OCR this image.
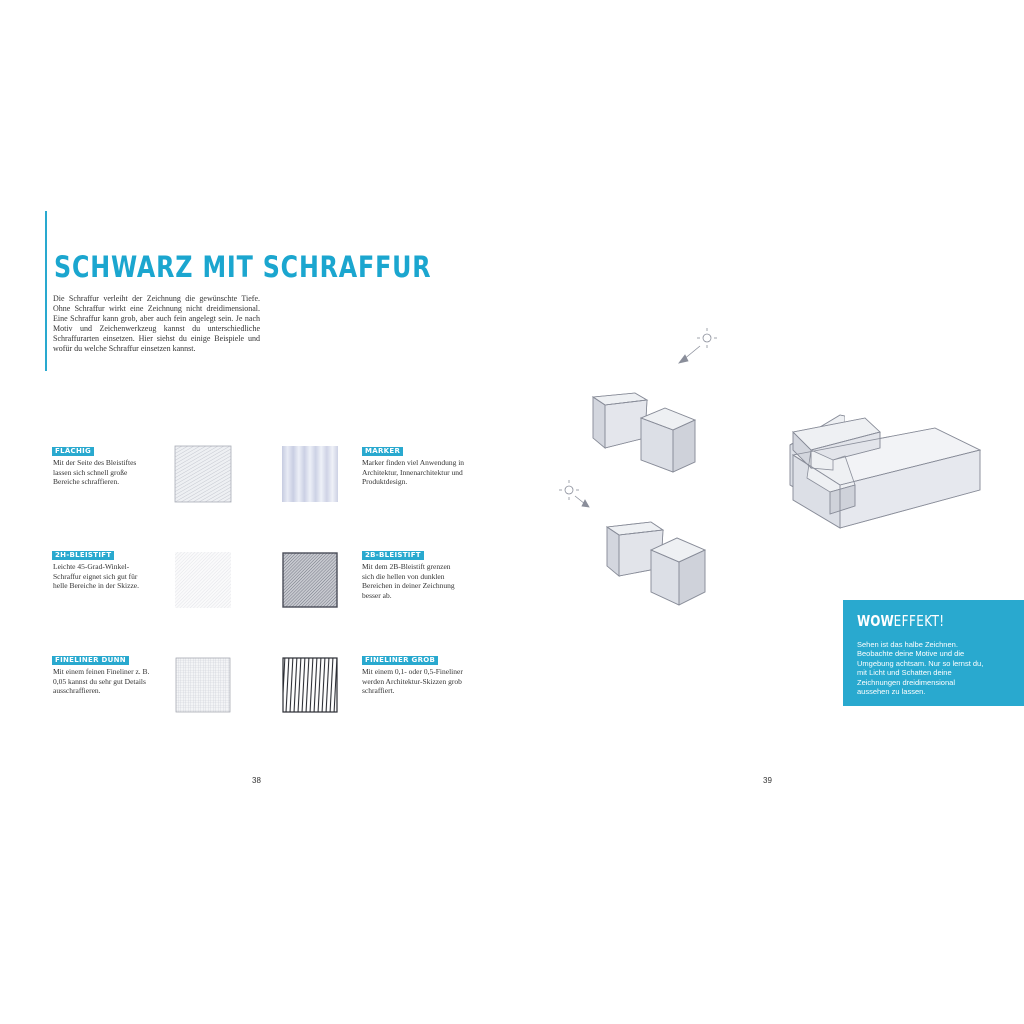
SCHWARZ MIT SCHRAFFUR

Die Schraffur verleiht der Zeichnung die gewünschte Tiefe. Ohne Schraffur wirkt eine Zeichnung nicht dreidimensional. Eine Schraffur kann grob, aber auch fein angelegt sein. Je nach Motiv und Zeichenwerkzeug kannst du unterschiedliche Schraffurarten einsetzen. Hier siehst du einige Beispiele und wofür du welche Schraffur einsetzen kannst.

FLÄCHIG

Mit der Seite des Bleistiftes lassen sich schnell große Bereiche schraffieren.

MARKER

Marker finden viel Anwendung in Architektur, Innenarchitektur und Produktdesign.

2H-BLEISTIFT

Leichte 45-Grad-Winkel-Schraffur eignet sich gut für helle Bereiche in der Skizze.

2B-BLEISTIFT

Mit dem 2B-Bleistift grenzen sich die hellen von dunklen Bereichen in deiner Zeichnung besser ab.

FINELINER DÜNN

Mit einem feinen Fineliner z. B. 0,05 kannst du sehr gut Details ausschraffieren.

FINELINER GROB

Mit einem 0,1- oder 0,5-Fineliner werden Architektur-Skizzen grob schraffiert.

38
WOWEFFEKT!

Sehen ist das halbe Zeichnen. Beobachte deine Motive und die Umgebung achtsam. Nur so lernst du, mit Licht und Schatten deine Zeichnungen dreidimensional aussehen zu lassen.

39
